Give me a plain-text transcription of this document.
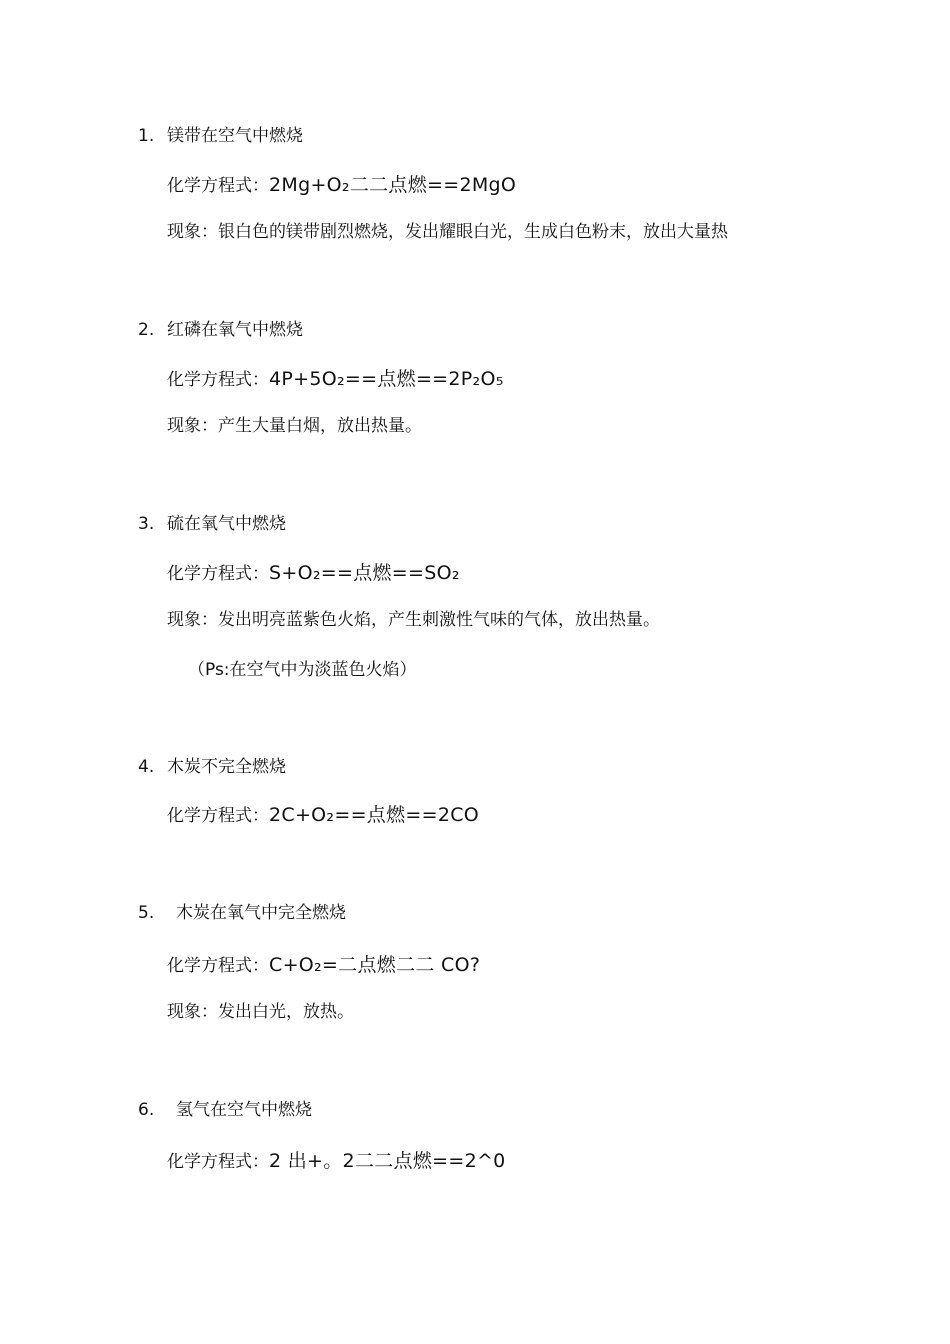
1. 镁带在空气中燃烧
化学方程式：2Mg+O₂二二点燃==2MgO
现象：银白色的镁带剧烈燃烧，发出耀眼白光，生成白色粉末，放出大量热
2. 红磷在氧气中燃烧
化学方程式：4P+5O₂==点燃==2P₂O₅
现象：产生大量白烟，放出热量。
3. 硫在氧气中燃烧
化学方程式：S+O₂==点燃==SO₂
现象：发出明亮蓝紫色火焰，产生刺激性气味的气体，放出热量。
（Ps:在空气中为淡蓝色火焰）
4. 木炭不完全燃烧
化学方程式：2C+O₂==点燃==2CO
5. 木炭在氧气中完全燃烧
化学方程式：C+O₂=二点燃二二 CO?
现象：发出白光，放热。
6. 氢气在空气中燃烧
化学方程式：2 出+。2二二点燃==2^0
